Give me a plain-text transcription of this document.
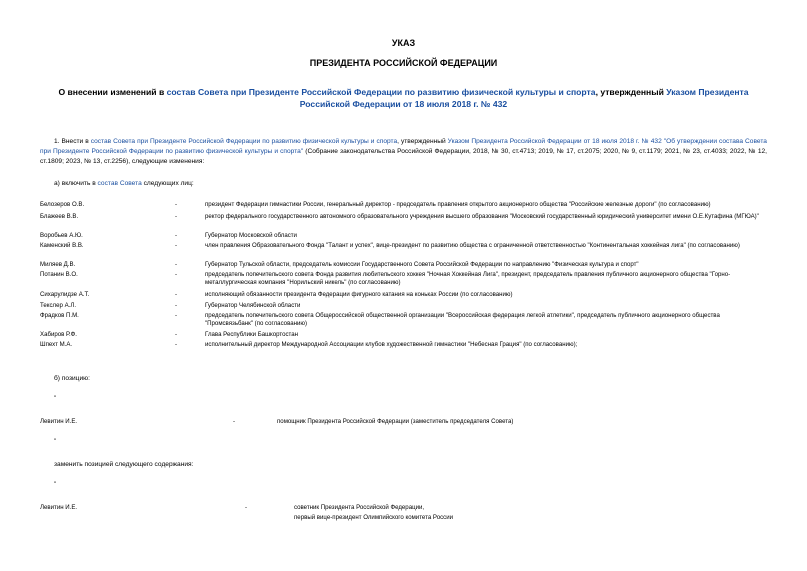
УКАЗ
ПРЕЗИДЕНТА РОССИЙСКОЙ ФЕДЕРАЦИИ
О внесении изменений в состав Совета при Президенте Российской Федерации по развитию физической культуры и спорта, утвержденный Указом Президента Российской Федерации от 18 июля 2018 г. № 432
1. Внести в состав Совета при Президенте Российской Федерации по развитию физической культуры и спорта, утвержденный Указом Президента Российской Федерации от 18 июля 2018 г. № 432 "Об утверждении состава Совета при Президенте Российской Федерации по развитию физической культуры и спорта" (Собрание законодательства Российской Федерации, 2018, № 30, ст.4713; 2019, № 17, ст.2075; 2020, № 9, ст.1179; 2021, № 23, ст.4033; 2022, № 12, ст.1809; 2023, № 13, ст.2256), следующие изменения:
а) включить в состав Совета следующих лиц:
Белозеров О.В.	-	президент Федерации гимнастики России, генеральный директор - председатель правления открытого акционерного общества "Российские железные дороги" (по согласованию)
Блажеев В.В.	-	ректор федерального государственного автономного образовательного учреждения высшего образования "Московский государственный юридический университет имени О.Е.Кутафина (МГЮА)"
Воробьев А.Ю.	-	Губернатор Московской области
Каменский В.В.	-	член правления Образовательного Фонда "Талант и успех", вице-президент по развитию общества с ограниченной ответственностью "Континентальная хоккейная лига" (по согласованию)
Миляев Д.В.	-	Губернатор Тульской области, председатель комиссии Государственного Совета Российской Федерации по направлению "Физическая культура и спорт"
Потанин В.О.	-	председатель попечительского совета Фонда развития любительского хоккея "Ночная Хоккейная Лига", президент, председатель правления публичного акционерного общества "Горно-металлургическая компания "Норильский никель" (по согласованию)
Сихарулидзе А.Т.	-	исполняющий обязанности президента Федерации фигурного катания на коньках России (по согласованию)
Текслер А.Л.	-	Губернатор Челябинской области
Фрадков П.М.	-	председатель попечительского совета Общероссийской общественной организации "Всероссийская федерация легкой атлетики", председатель публичного акционерного общества "Промсвязьбанк" (по согласованию)
Хабиров Р.Ф.	-	Глава Республики Башкортостан
Шпехт М.А.	-	исполнительный директор Международной Ассоциации клубов художественной гимнастики "Небесная Грация" (по согласованию);
б) позицию:
"
Левитин И.Е.	-	помощник Президента Российской Федерации (заместитель председателя Совета)
"
заменить позицией следующего содержания:
"
Левитин И.Е.	-	советник Президента Российской Федерации,
первый вице-президент Олимпийского комитета России
